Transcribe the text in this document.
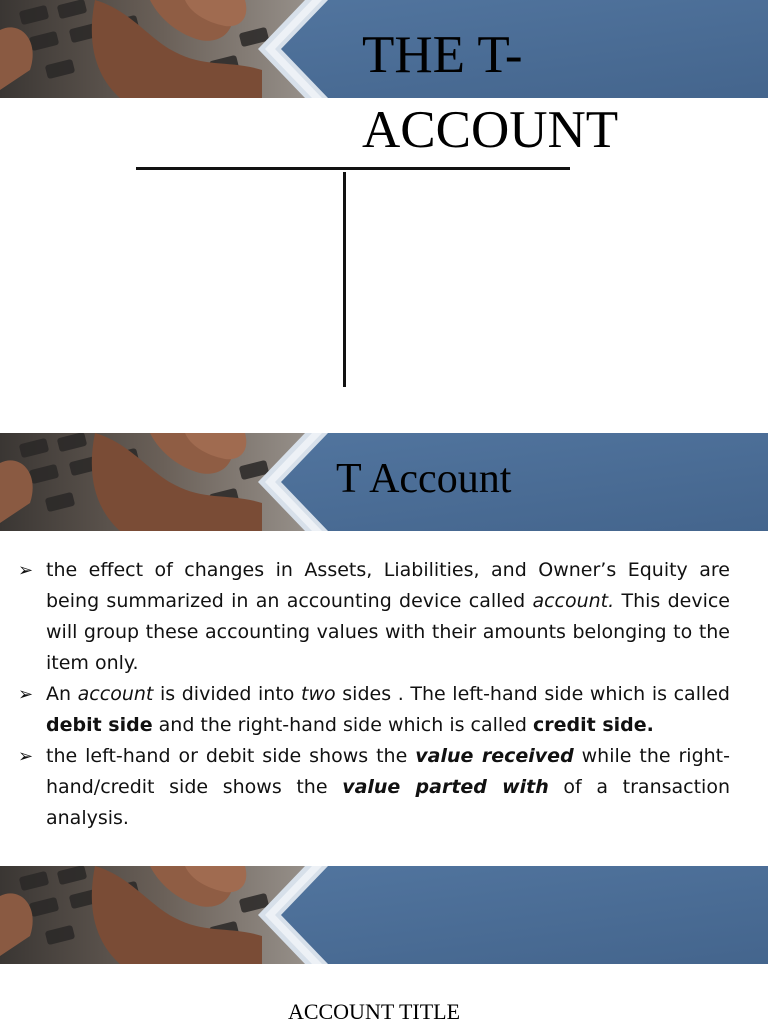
THE T-
ACCOUNT
T Account
➢ the effect of changes in Assets, Liabilities, and Owner’s Equity are being summarized in an accounting device called account. This device will group these accounting values with their amounts belonging to the item only.
➢ An account is divided into two sides . The left-hand side which is called debit side and the right-hand side which is called credit side.
➢ the left-hand or debit side shows the value received while the right-hand/credit side shows the value parted with of a transaction analysis.
ACCOUNT TITLE
